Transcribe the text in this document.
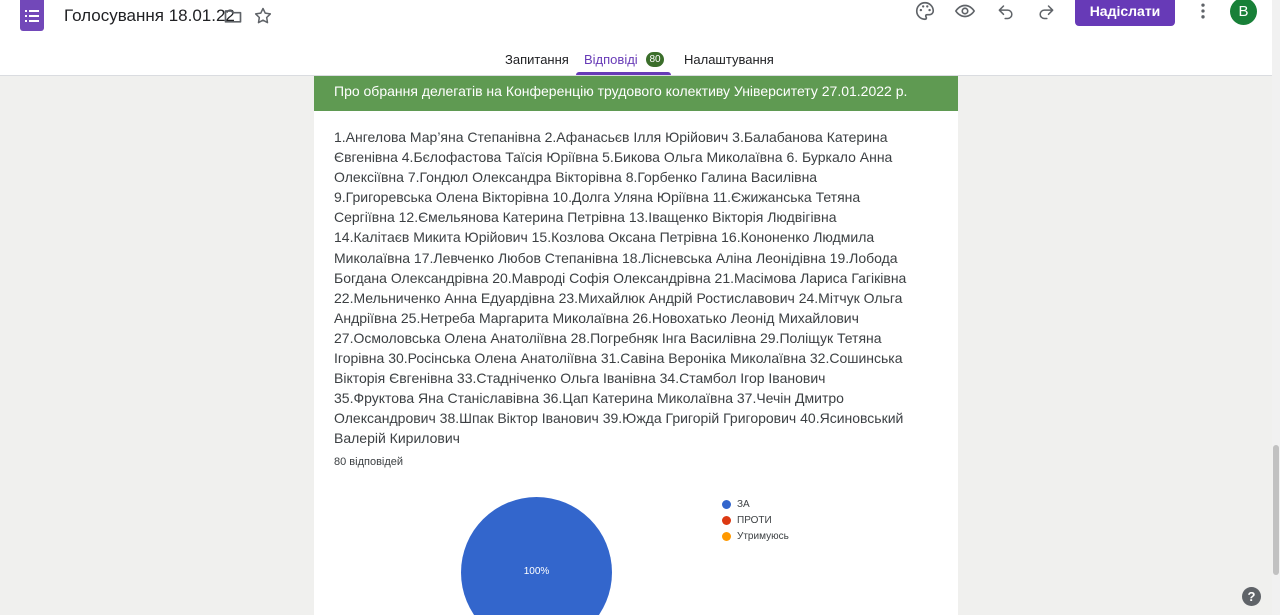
Голосування 18.01.22	Надіслати	В
Запитання Відповіді	80 Налаштування
Про обрання делегатів на Конференцію трудового колективу Університету 27.01.2022 р.
1.Ангелова Мар’яна Степанівна 2.Афанасьєв Ілля Юрійович 3.Балабанова Катерина Євгенівна 4.Бєлофастова Таїсія Юріївна 5.Бикова Ольга Миколаївна 6. Буркало Анна Олексіївна 7.Гондюл Олександра Вікторівна 8.Горбенко Галина Василівна 9.Григоревська Олена Вікторівна 10.Долга Уляна Юріївна 11.Єжижанська Тетяна Сергіївна 12.Ємельянова Катерина Петрівна 13.Іващенко Вікторія Людвігівна 14.Калітаєв Микита Юрійович 15.Козлова Оксана Петрівна 16.Кононенко Людмила Миколаївна 17.Левченко Любов Степанівна 18.Лісневська Аліна Леонідівна 19.Лобода Богдана Олександрівна 20.Мавроді Софія Олександрівна 21.Масімова Лариса Гагіківна 22.Мельниченко Анна Едуардівна 23.Михайлюк Андрій Ростиславович 24.Мітчук Ольга Андріївна 25.Нетреба Маргарита Миколаївна 26.Новохатько Леонід Михайлович 27.Осмоловська Олена Анатоліївна 28.Погребняк Інга Василівна 29.Поліщук Тетяна Ігорівна 30.Росінська Олена Анатоліївна 31.Савіна Вероніка Миколаївна 32.Сошинська Вікторія Євгенівна 33.Стадніченко Ольга Іванівна 34.Стамбол Ігор Іванович 35.Фруктова Яна Станіславівна 36.Цап Катерина Миколаївна 37.Чечін Дмитро Олександрович 38.Шпак Віктор Іванович 39.Южда Григорій Григорович 40.Ясиновський Валерій Кирилович
80 відповідей
100%
ЗА
ПРОТИ
Утримуюсь
?
